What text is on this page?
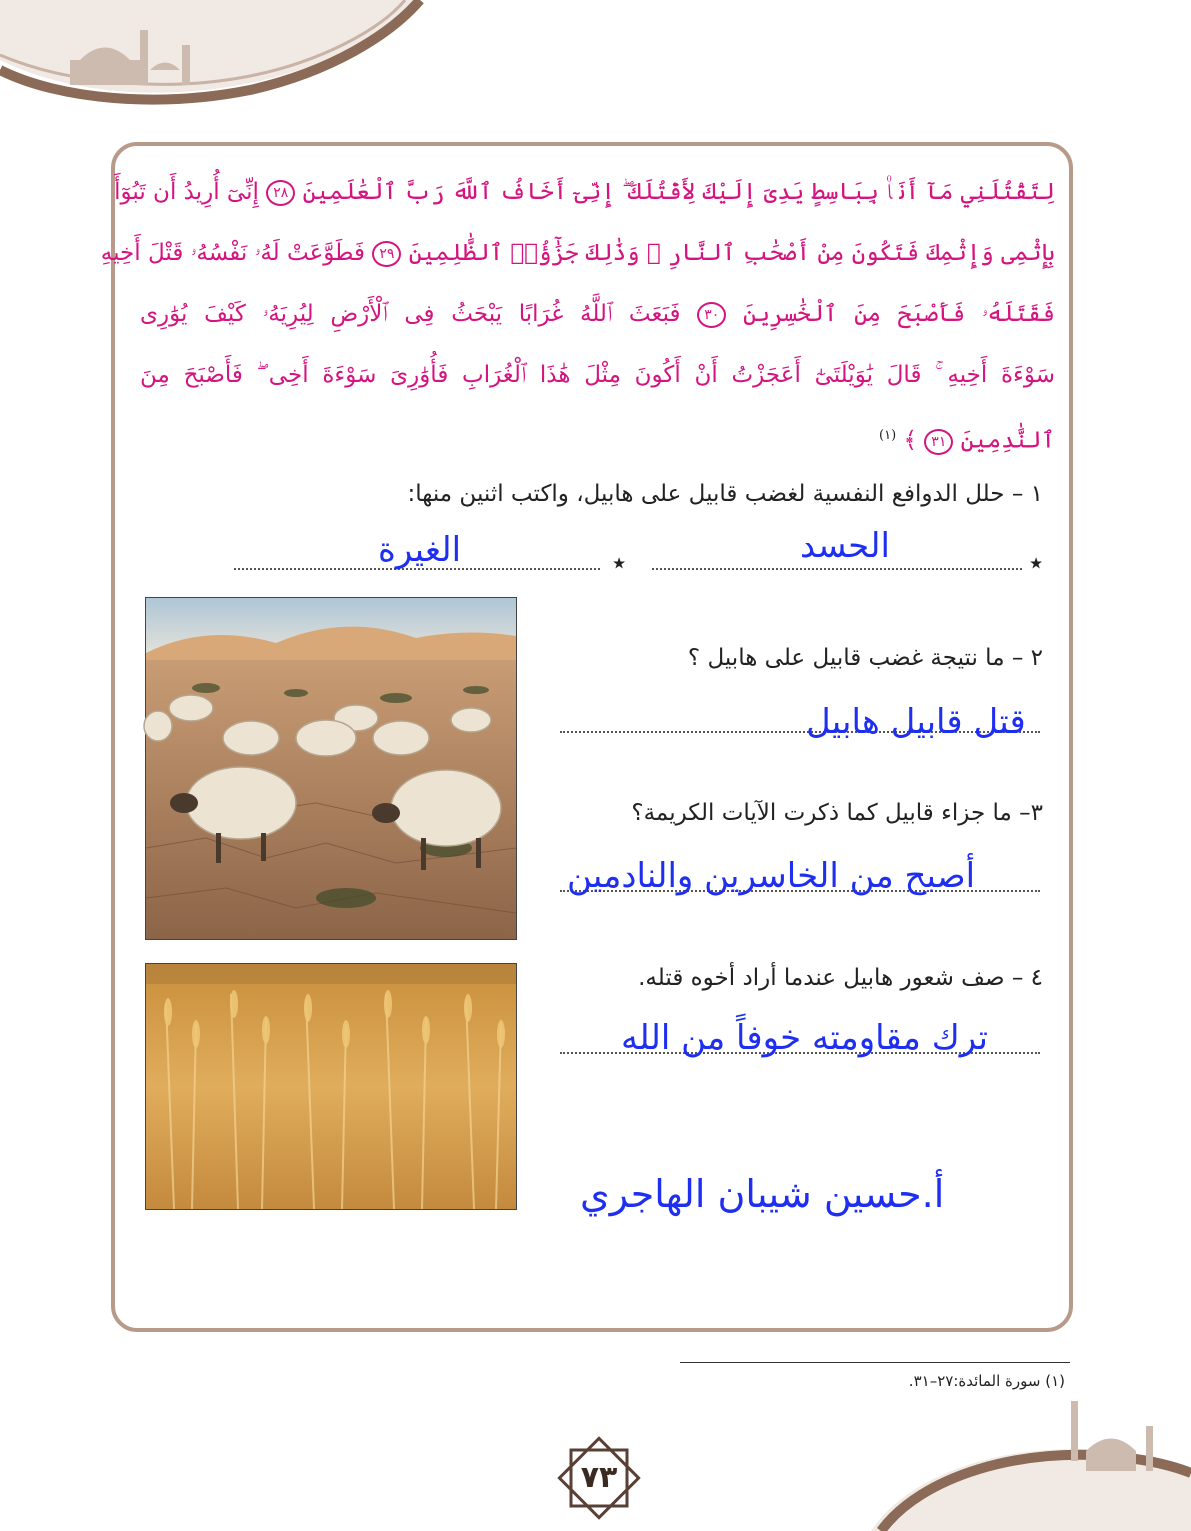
لِتَقْتُلَنِي مَآ أَنَا۠ بِبَاسِطٍ يَدِىَ إِلَيْكَ لِأَقْتُلَكَ ۖ إِنِّىٓ أَخَافُ ٱللَّهَ رَبَّ ٱلْعَٰلَمِينَ ٢٨ إِنِّىٓ أُرِيدُ أَن تَبُوٓأَ
بِإِثْمِى وَإِثْمِكَ فَتَكُونَ مِنْ أَصْحَٰبِ ٱلنَّارِ ۚ وَذَٰلِكَ جَزَٰٓؤُا۟ ٱلظَّٰلِمِينَ ٢٩ فَطَوَّعَتْ لَهُۥ نَفْسُهُۥ قَتْلَ أَخِيهِ
فَقَتَلَهُۥ فَأَصْبَحَ مِنَ ٱلْخَٰسِرِينَ ٣٠ فَبَعَثَ ٱللَّهُ غُرَابًا يَبْحَثُ فِى ٱلْأَرْضِ لِيُرِيَهُۥ كَيْفَ يُوَٰرِى
سَوْءَةَ أَخِيهِ ۚ قَالَ يَٰوَيْلَتَىٰٓ أَعَجَزْتُ أَنْ أَكُونَ مِثْلَ هَٰذَا ٱلْغُرَابِ فَأُوَٰرِىَ سَوْءَةَ أَخِى ۖ فَأَصْبَحَ مِنَ
ٱلنَّٰدِمِينَ ٣١ ﴾ $^{(١)}$
١ – حلل الدوافع النفسية لغضب قابيل على هابيل، واكتب اثنين منها:
٭
الحسد
٭
الغيرة
٢ – ما نتيجة غضب قابيل على هابيل ؟
قتل قابيل هابيل
٣– ما جزاء قابيل كما ذكرت الآيات الكريمة؟
أصبح من الخاسرين والنادمين
٤ – صف شعور هابيل عندما أراد أخوه قتله.
ترك مقاومته خوفاً من الله
أ.حسين شيبان الهاجري
(١) سورة المائدة:٢٧–٣١.
٧٣
